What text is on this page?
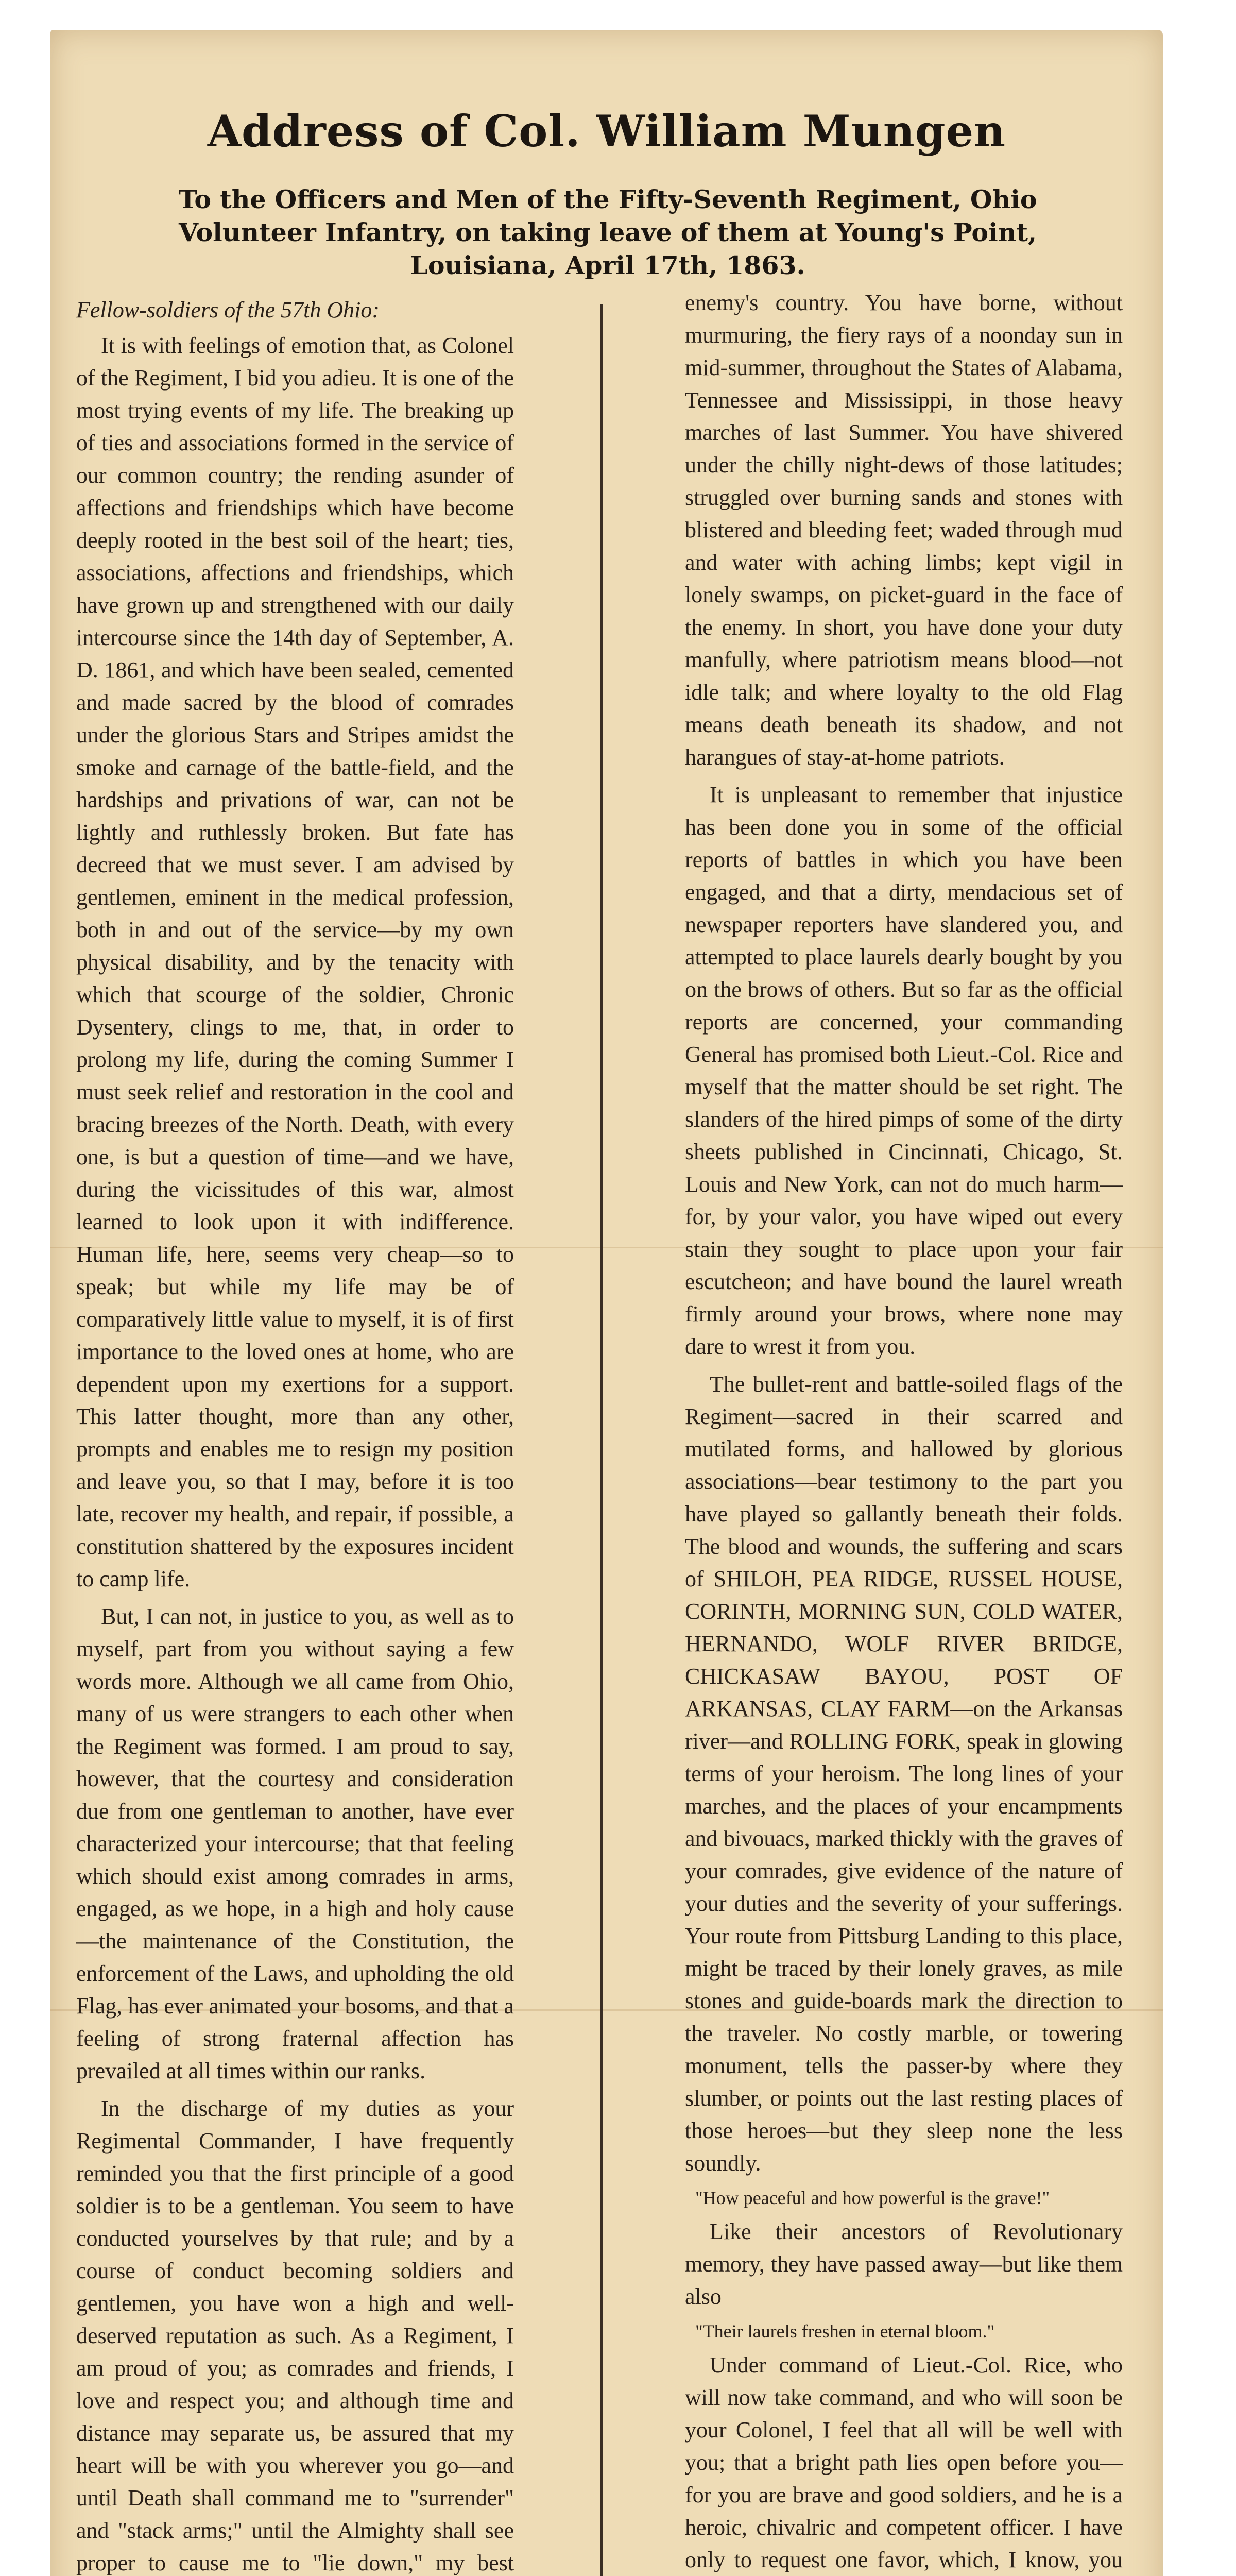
Address of Col. William Mungen
To the Officers and Men of the Fifty-Seventh Regiment, Ohio Volunteer Infantry, on taking leave of them at Young's Point, Louisiana, April 17th, 1863.

Fellow-soldiers of the 57th Ohio:

It is with feelings of emotion that, as Colonel of the Regiment, I bid you adieu. It is one of the most trying events of my life. The breaking up of ties and associations formed in the service of our common country; the rending asunder of affections and friendships which have become deeply rooted in the best soil of the heart; ties, associations, affections and friendships, which have grown up and strengthened with our daily intercourse since the 14th day of September, A. D. 1861, and which have been sealed, cemented and made sacred by the blood of comrades under the glorious Stars and Stripes amidst the smoke and carnage of the battle-field, and the hardships and privations of war, can not be lightly and ruthlessly broken. But fate has decreed that we must sever. I am advised by gentlemen, eminent in the medical profession, both in and out of the service—by my own physical disability, and by the tenacity with which that scourge of the soldier, Chronic Dysentery, clings to me, that, in order to prolong my life, during the coming Summer I must seek relief and restoration in the cool and bracing breezes of the North. Death, with every one, is but a question of time—and we have, during the vicissitudes of this war, almost learned to look upon it with indifference. Human life, here, seems very cheap—so to speak; but while my life may be of comparatively little value to myself, it is of first importance to the loved ones at home, who are dependent upon my exertions for a support. This latter thought, more than any other, prompts and enables me to resign my position and leave you, so that I may, before it is too late, recover my health, and repair, if possible, a constitution shattered by the exposures incident to camp life.

But, I can not, in justice to you, as well as to myself, part from you without saying a few words more. Although we all came from Ohio, many of us were strangers to each other when the Regiment was formed. I am proud to say, however, that the courtesy and consideration due from one gentleman to another, have ever characterized your intercourse; that that feeling which should exist among comrades in arms, engaged, as we hope, in a high and holy cause—the maintenance of the Constitution, the enforcement of the Laws, and upholding the old Flag, has ever animated your bosoms, and that a feeling of strong fraternal affection has prevailed at all times within our ranks.

In the discharge of my duties as your Regimental Commander, I have frequently reminded you that the first principle of a good soldier is to be a gentleman. You seem to have conducted yourselves by that rule; and by a course of conduct becoming soldiers and gentlemen, you have won a high and well-deserved reputation as such. As a Regiment, I am proud of you; as comrades and friends, I love and respect you; and although time and distance may separate us, be assured that my heart will be with you wherever you go—and until Death shall command me to "surrender" and "stack arms;" until the Almighty shall see proper to cause me to "lie down," my best

enemy's country. You have borne, without murmuring, the fiery rays of a noonday sun in mid-summer, throughout the States of Alabama, Tennessee and Mississippi, in those heavy marches of last Summer. You have shivered under the chilly night-dews of those latitudes; struggled over burning sands and stones with blistered and bleeding feet; waded through mud and water with aching limbs; kept vigil in lonely swamps, on picket-guard in the face of the enemy. In short, you have done your duty manfully, where patriotism means blood—not idle talk; and where loyalty to the old Flag means death beneath its shadow, and not harangues of stay-at-home patriots.

It is unpleasant to remember that injustice has been done you in some of the official reports of battles in which you have been engaged, and that a dirty, mendacious set of newspaper reporters have slandered you, and attempted to place laurels dearly bought by you on the brows of others. But so far as the official reports are concerned, your commanding General has promised both Lieut.-Col. Rice and myself that the matter should be set right. The slanders of the hired pimps of some of the dirty sheets published in Cincinnati, Chicago, St. Louis and New York, can not do much harm—for, by your valor, you have wiped out every stain they sought to place upon your fair escutcheon; and have bound the laurel wreath firmly around your brows, where none may dare to wrest it from you.

The bullet-rent and battle-soiled flags of the Regiment—sacred in their scarred and mutilated forms, and hallowed by glorious associations—bear testimony to the part you have played so gallantly beneath their folds. The blood and wounds, the suffering and scars of SHILOH, PEA RIDGE, RUSSEL HOUSE, CORINTH, MORNING SUN, COLD WATER, HERNANDO, WOLF RIVER BRIDGE, CHICKASAW BAYOU, POST OF ARKANSAS, CLAY FARM—on the Arkansas river—and ROLLING FORK, speak in glowing terms of your heroism. The long lines of your marches, and the places of your encampments and bivouacs, marked thickly with the graves of your comrades, give evidence of the nature of your duties and the severity of your sufferings. Your route from Pittsburg Landing to this place, might be traced by their lonely graves, as mile stones and guide-boards mark the direction to the traveler. No costly marble, or towering monument, tells the passer-by where they slumber, or points out the last resting places of those heroes—but they sleep none the less soundly.

"How peaceful and how powerful is the grave!"

Like their ancestors of Revolutionary memory, they have passed away—but like them also

"Their laurels freshen in eternal bloom."

Under command of Lieut.-Col. Rice, who will now take command, and who will soon be your Colonel, I feel that all will be well with you; that a bright path lies open before you—for you are brave and good soldiers, and he is a heroic, chivalric and competent officer. I have only to request one favor, which, I know, you
